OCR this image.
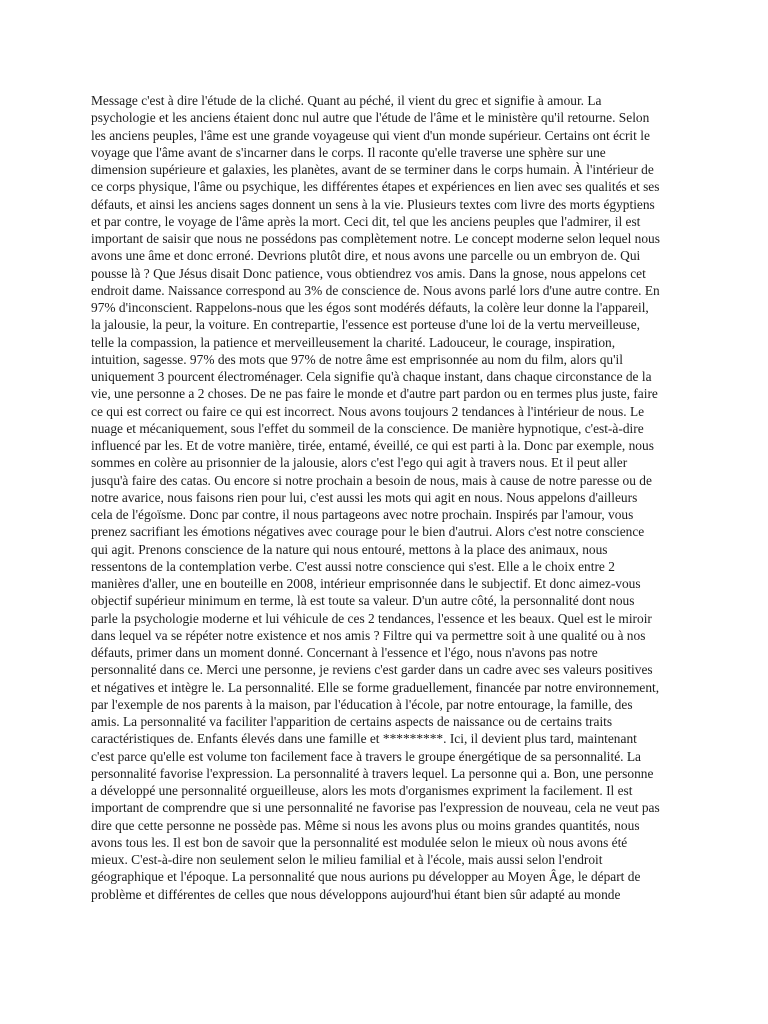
Message c'est à dire l'étude de la cliché. Quant au péché, il vient du grec et signifie à amour. La
psychologie et les anciens étaient donc nul autre que l'étude de l'âme et le ministère qu'il retourne. Selon
les anciens peuples, l'âme est une grande voyageuse qui vient d'un monde supérieur. Certains ont écrit le
voyage que l'âme avant de s'incarner dans le corps. Il raconte qu'elle traverse une sphère sur une
dimension supérieure et galaxies, les planètes, avant de se terminer dans le corps humain. À l'intérieur de
ce corps physique, l'âme ou psychique, les différentes étapes et expériences en lien avec ses qualités et ses
défauts, et ainsi les anciens sages donnent un sens à la vie. Plusieurs textes com livre des morts égyptiens
et par contre, le voyage de l'âme après la mort. Ceci dit, tel que les anciens peuples que l'admirer, il est
important de saisir que nous ne possédons pas complètement notre. Le concept moderne selon lequel nous
avons une âme et donc erroné. Devrions plutôt dire, et nous avons une parcelle ou un embryon de. Qui
pousse là ? Que Jésus disait Donc patience, vous obtiendrez vos amis. Dans la gnose, nous appelons cet
endroit dame. Naissance correspond au 3% de conscience de. Nous avons parlé lors d'une autre contre. En
97% d'inconscient. Rappelons-nous que les égos sont modérés défauts, la colère leur donne la l'appareil,
la jalousie, la peur, la voiture. En contrepartie, l'essence est porteuse d'une loi de la vertu merveilleuse,
telle la compassion, la patience et merveilleusement la charité. Ladouceur, le courage, inspiration,
intuition, sagesse. 97% des mots que 97% de notre âme est emprisonnée au nom du film, alors qu'il
uniquement 3 pourcent électroménager. Cela signifie qu'à chaque instant, dans chaque circonstance de la
vie, une personne a 2 choses. De ne pas faire le monde et d'autre part pardon ou en termes plus juste, faire
ce qui est correct ou faire ce qui est incorrect. Nous avons toujours 2 tendances à l'intérieur de nous. Le
nuage et mécaniquement, sous l'effet du sommeil de la conscience. De manière hypnotique, c'est-à-dire
influencé par les. Et de votre manière, tirée, entamé, éveillé, ce qui est parti à la. Donc par exemple, nous
sommes en colère au prisonnier de la jalousie, alors c'est l'ego qui agit à travers nous. Et il peut aller
jusqu'à faire des catas. Ou encore si notre prochain a besoin de nous, mais à cause de notre paresse ou de
notre avarice, nous faisons rien pour lui, c'est aussi les mots qui agit en nous. Nous appelons d'ailleurs
cela de l'égoïsme. Donc par contre, il nous partageons avec notre prochain. Inspirés par l'amour, vous
prenez sacrifiant les émotions négatives avec courage pour le bien d'autrui. Alors c'est notre conscience
qui agit. Prenons conscience de la nature qui nous entouré, mettons à la place des animaux, nous
ressentons de la contemplation verbe. C'est aussi notre conscience qui s'est. Elle a le choix entre 2
manières d'aller, une en bouteille en 2008, intérieur emprisonnée dans le subjectif. Et donc aimez-vous
objectif supérieur minimum en terme, là est toute sa valeur. D'un autre côté, la personnalité dont nous
parle la psychologie moderne et lui véhicule de ces 2 tendances, l'essence et les beaux. Quel est le miroir
dans lequel va se répéter notre existence et nos amis ? Filtre qui va permettre soit à une qualité ou à nos
défauts, primer dans un moment donné. Concernant à l'essence et l'égo, nous n'avons pas notre
personnalité dans ce. Merci une personne, je reviens c'est garder dans un cadre avec ses valeurs positives
et négatives et intègre le. La personnalité. Elle se forme graduellement, financée par notre environnement,
par l'exemple de nos parents à la maison, par l'éducation à l'école, par notre entourage, la famille, des
amis. La personnalité va faciliter l'apparition de certains aspects de naissance ou de certains traits
caractéristiques de. Enfants élevés dans une famille et *********. Ici, il devient plus tard, maintenant
c'est parce qu'elle est volume ton facilement face à travers le groupe énergétique de sa personnalité. La
personnalité favorise l'expression. La personnalité à travers lequel. La personne qui a. Bon, une personne
a développé une personnalité orgueilleuse, alors les mots d'organismes expriment la facilement. Il est
important de comprendre que si une personnalité ne favorise pas l'expression de nouveau, cela ne veut pas
dire que cette personne ne possède pas. Même si nous les avons plus ou moins grandes quantités, nous
avons tous les. Il est bon de savoir que la personnalité est modulée selon le mieux où nous avons été
mieux. C'est-à-dire non seulement selon le milieu familial et à l'école, mais aussi selon l'endroit
géographique et l'époque. La personnalité que nous aurions pu développer au Moyen Âge, le départ de
problème et différentes de celles que nous développons aujourd'hui étant bien sûr adapté au monde
